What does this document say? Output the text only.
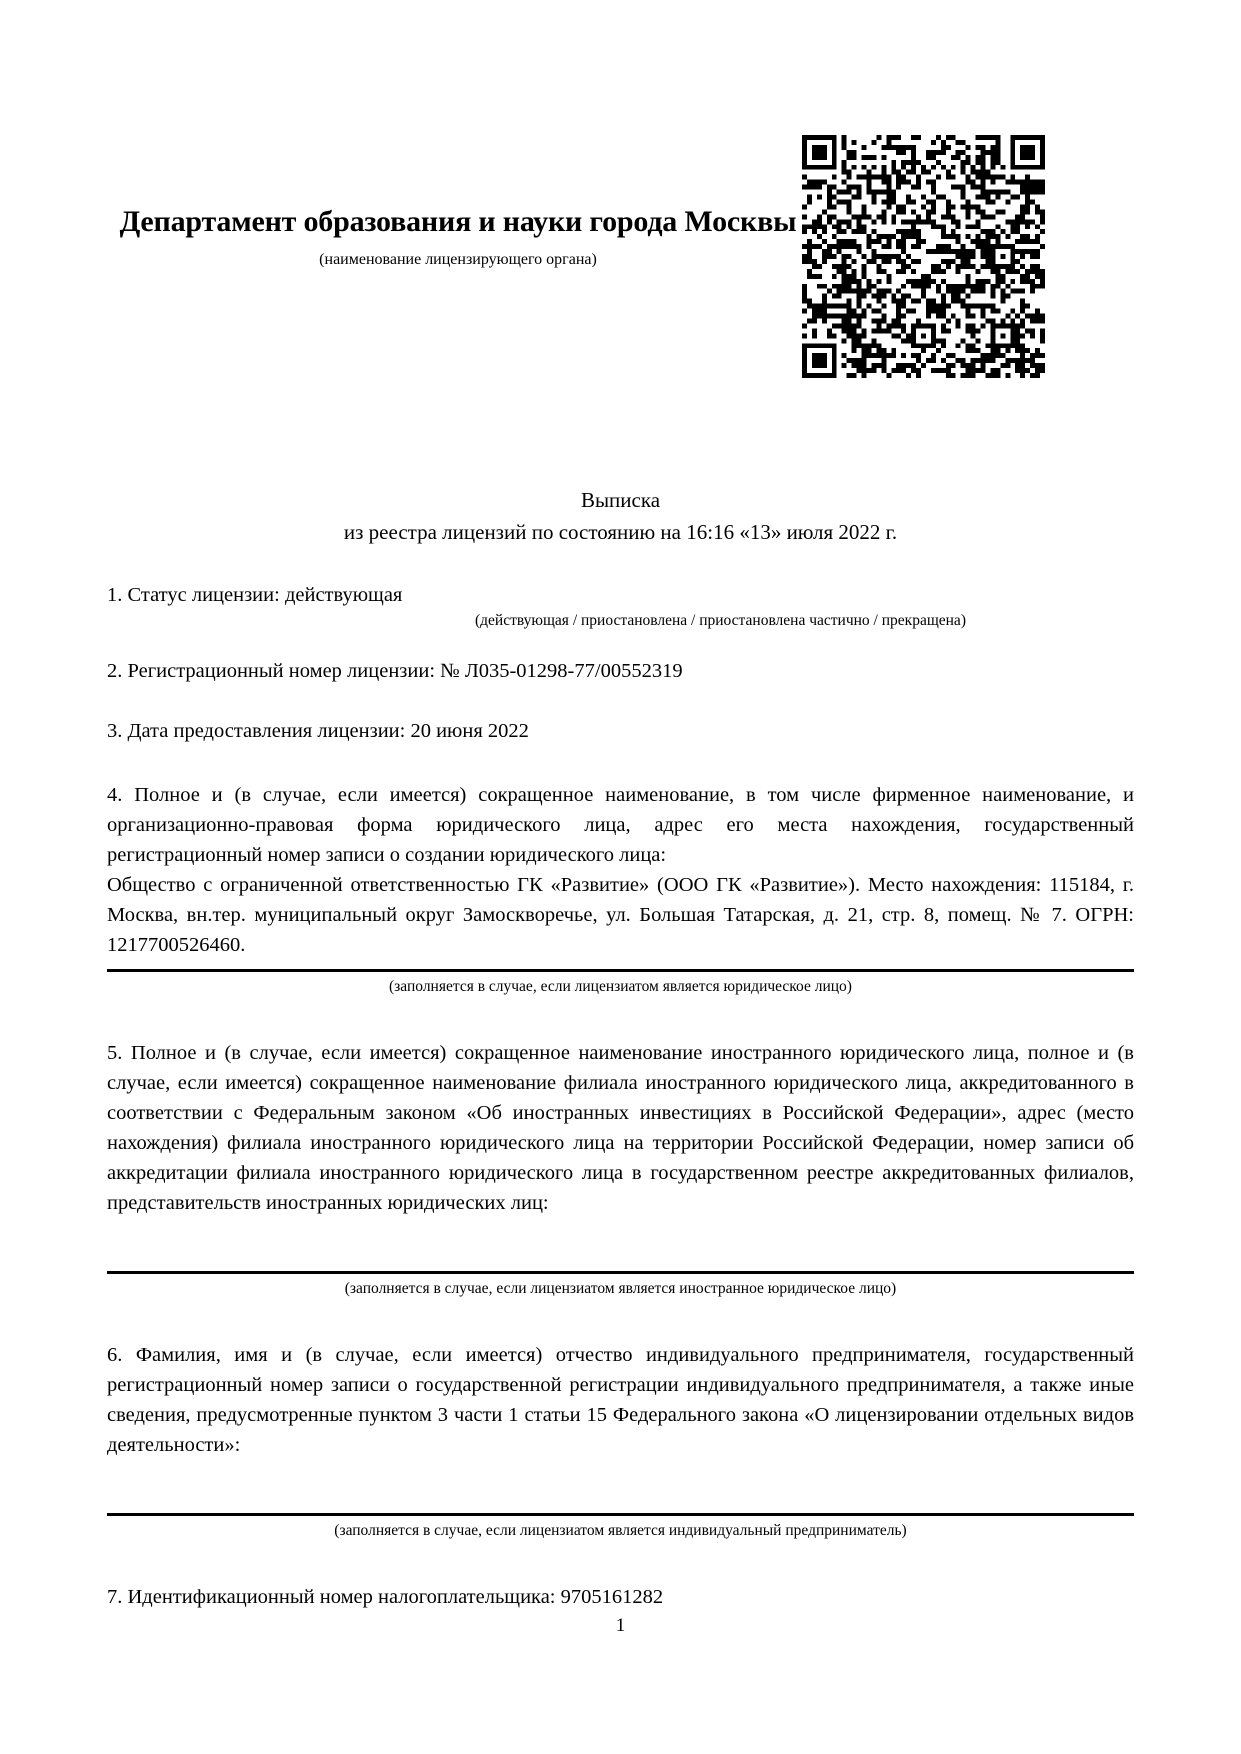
Департамент образования и науки города Москвы
(наименование лицензирующего органа)
Выписка
из реестра лицензий по состоянию на 16:16 «13» июля 2022 г.

1. Статус лицензии: действующая

(действующая / приостановлена / приостановлена частично / прекращена)

2. Регистрационный номер лицензии: № Л035-01298-77/00552319

3. Дата предоставления лицензии: 20 июня 2022

4. Полное и (в случае, если имеется) сокращенное наименование, в том числе фирменное наименование, и организационно-правовая форма юридического лица, адрес его места нахождения, государственный регистрационный номер записи о создании юридического лица:

Общество с ограниченной ответственностью ГК «Развитие» (ООО ГК «Развитие»). Место нахождения: 115184, г. Москва, вн.тер. муниципальный округ Замоскворечье, ул. Большая Татарская, д. 21, стр. 8, помещ. № 7. ОГРН: 1217700526460.

(заполняется в случае, если лицензиатом является юридическое лицо)

5. Полное и (в случае, если имеется) сокращенное наименование иностранного юридического лица, полное и (в случае, если имеется) сокращенное наименование филиала иностранного юридического лица, аккредитованного в соответствии с Федеральным законом «Об иностранных инвестициях в Российской Федерации», адрес (место нахождения) филиала иностранного юридического лица на территории Российской Федерации, номер записи об аккредитации филиала иностранного юридического лица в государственном реестре аккредитованных филиалов, представительств иностранных юридических лиц:

(заполняется в случае, если лицензиатом является иностранное юридическое лицо)

6. Фамилия, имя и (в случае, если имеется) отчество индивидуального предпринимателя, государственный регистрационный номер записи о государственной регистрации индивидуального предпринимателя, а также иные сведения, предусмотренные пунктом 3 части 1 статьи 15 Федерального закона «О лицензировании отдельных видов деятельности»:

(заполняется в случае, если лицензиатом является индивидуальный предприниматель)

7. Идентификационный номер налогоплательщика: 9705161282

1
